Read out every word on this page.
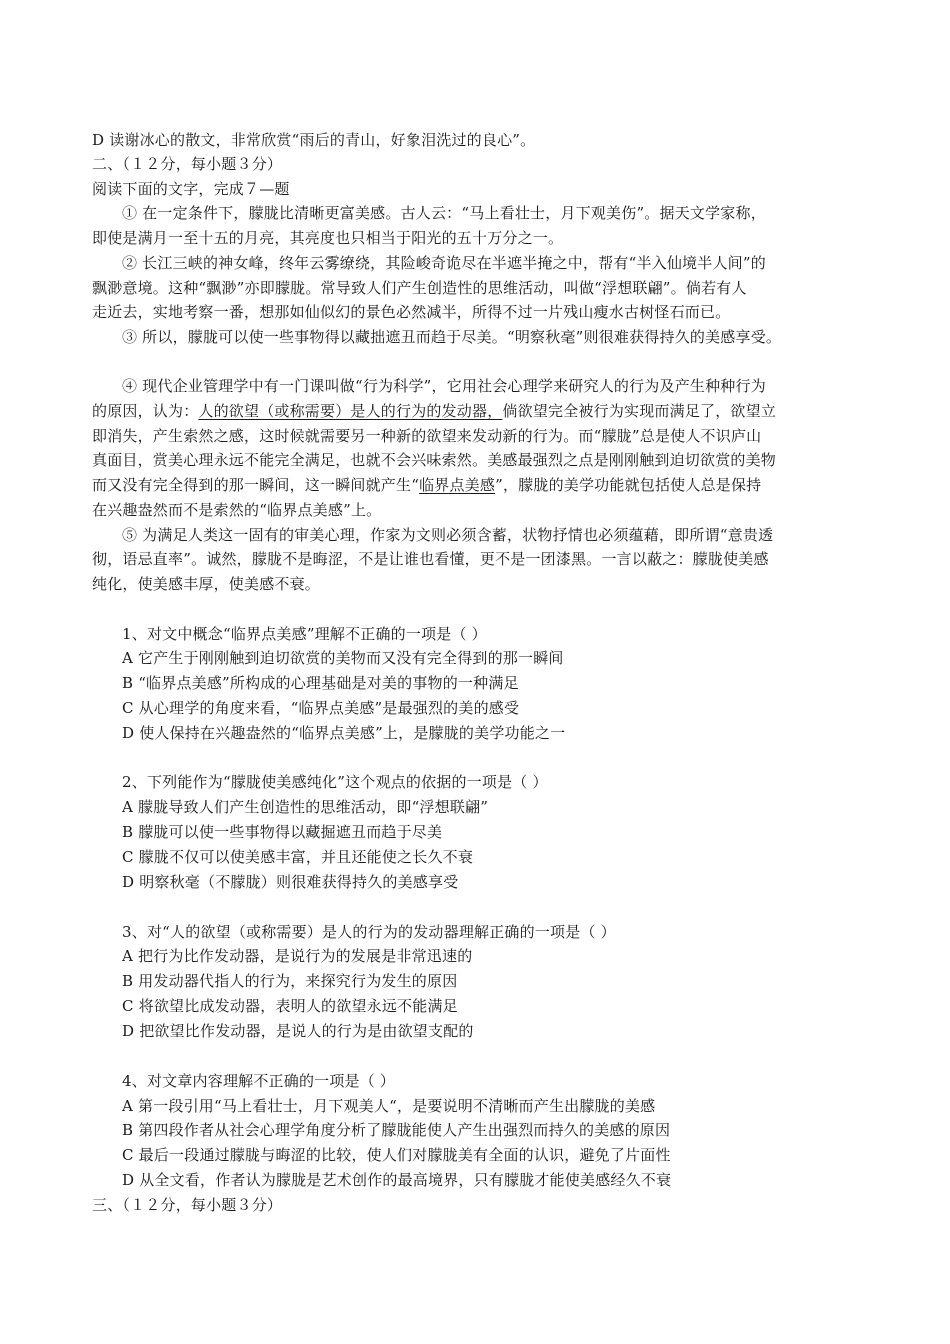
D 读谢冰心的散文，非常欣赏“雨后的青山，好象泪洗过的良心”。
二、（１２分，每小题３分）
阅读下面的文字，完成７—题
① 在一定条件下，朦胧比清晰更富美感。古人云：“马上看壮士，月下观美伤”。据天文学家称，
即使是满月一至十五的月亮，其亮度也只相当于阳光的五十万分之一。
② 长江三峡的神女峰，终年云雾缭绕，其险峻奇诡尽在半遮半掩之中，帮有“半入仙境半人间”的
飘渺意境。这种“飘渺”亦即朦胧。常导致人们产生创造性的思维活动，叫做“浮想联翩”。倘若有人
走近去，实地考察一番，想那如仙似幻的景色必然减半，所得不过一片残山瘦水古树怪石而已。
③ 所以，朦胧可以使一些事物得以藏拙遮丑而趋于尽美。“明察秋毫”则很难获得持久的美感享受。
④ 现代企业管理学中有一门课叫做“行为科学”，它用社会心理学来研究人的行为及产生种种行为
的原因，认为：人的欲望（或称需要）是人的行为的发动器，倘欲望完全被行为实现而满足了，欲望立
即消失，产生索然之感，这时候就需要另一种新的欲望来发动新的行为。而“朦胧”总是使人不识庐山
真面目，赏美心理永远不能完全满足，也就不会兴味索然。美感最强烈之点是刚刚触到迫切欲赏的美物
而又没有完全得到的那一瞬间，这一瞬间就产生“临界点美感”，朦胧的美学功能就包括使人总是保持
在兴趣盎然而不是索然的“临界点美感”上。
⑤ 为满足人类这一固有的审美心理，作家为文则必须含蓄，状物抒情也必须蕴藉，即所谓“意贵透
彻，语忌直率”。诚然，朦胧不是晦涩，不是让谁也看懂，更不是一团漆黑。一言以蔽之：朦胧使美感
纯化，使美感丰厚，使美感不衰。
1、对文中概念“临界点美感”理解不正确的一项是（ ）
A 它产生于刚刚触到迫切欲赏的美物而又没有完全得到的那一瞬间
B “临界点美感”所构成的心理基础是对美的事物的一种满足
C 从心理学的角度来看，“临界点美感”是最强烈的美的感受
D 使人保持在兴趣盎然的“临界点美感”上，是朦胧的美学功能之一
2、下列能作为“朦胧使美感纯化”这个观点的依据的一项是（ ）
A 朦胧导致人们产生创造性的思维活动，即“浮想联翩”
B 朦胧可以使一些事物得以藏掘遮丑而趋于尽美
C 朦胧不仅可以使美感丰富，并且还能使之长久不衰
D 明察秋毫（不朦胧）则很难获得持久的美感享受
3、对“人的欲望（或称需要）是人的行为的发动器理解正确的一项是（ ）
A 把行为比作发动器，是说行为的发展是非常迅速的
B 用发动器代指人的行为，来探究行为发生的原因
C 将欲望比成发动器，表明人的欲望永远不能满足
D 把欲望比作发动器，是说人的行为是由欲望支配的
4、对文章内容理解不正确的一项是（ ）
A 第一段引用“马上看壮士，月下观美人“，是要说明不清晰而产生出朦胧的美感
B 第四段作者从社会心理学角度分析了朦胧能使人产生出强烈而持久的美感的原因
C 最后一段通过朦胧与晦涩的比较，使人们对朦胧美有全面的认识，避免了片面性
D 从全文看，作者认为朦胧是艺术创作的最高境界，只有朦胧才能使美感经久不衰
三、（１２分，每小题３分）
